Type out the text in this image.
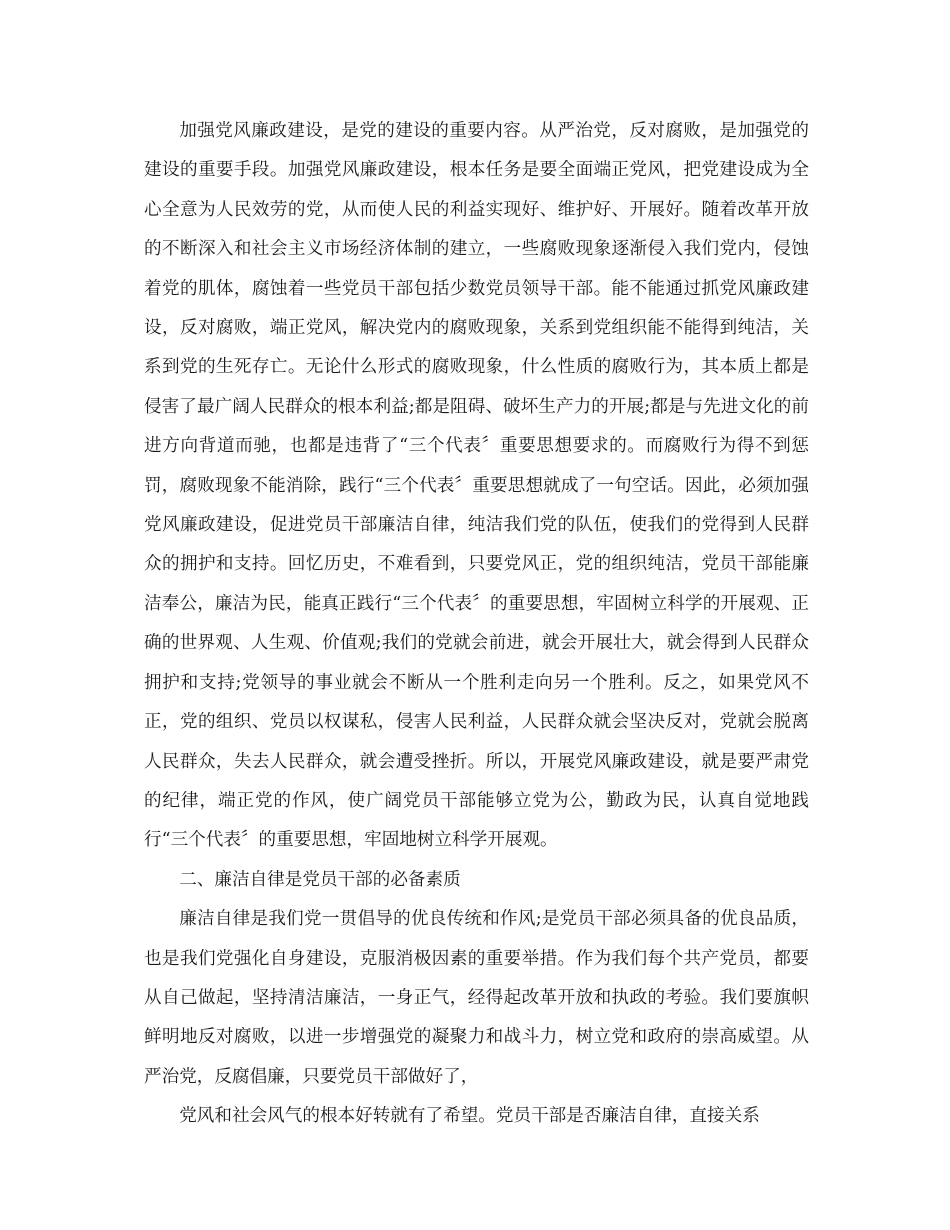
加强党风廉政建设，是党的建设的重要内容。从严治党，反对腐败，是加强党的建设的重要手段。加强党风廉政建设，根本任务是要全面端正党风，把党建设成为全心全意为人民效劳的党，从而使人民的利益实现好、维护好、开展好。随着改革开放的不断深入和社会主义市场经济体制的建立，一些腐败现象逐渐侵入我们党内，侵蚀着党的肌体，腐蚀着一些党员干部包括少数党员领导干部。能不能通过抓党风廉政建设，反对腐败，端正党风，解决党内的腐败现象，关系到党组织能不能得到纯洁，关系到党的生死存亡。无论什么形式的腐败现象，什么性质的腐败行为，其本质上都是侵害了最广阔人民群众的根本利益;都是阻碍、破坏生产力的开展;都是与先进文化的前进方向背道而驰，也都是违背了“三个代表〞重要思想要求的。而腐败行为得不到惩罚，腐败现象不能消除，践行“三个代表〞重要思想就成了一句空话。因此，必须加强党风廉政建设，促进党员干部廉洁自律，纯洁我们党的队伍，使我们的党得到人民群众的拥护和支持。回忆历史，不难看到，只要党风正，党的组织纯洁，党员干部能廉洁奉公，廉洁为民，能真正践行“三个代表〞的重要思想，牢固树立科学的开展观、正确的世界观、人生观、价值观;我们的党就会前进，就会开展壮大，就会得到人民群众拥护和支持;党领导的事业就会不断从一个胜利走向另一个胜利。反之，如果党风不正，党的组织、党员以权谋私，侵害人民利益，人民群众就会坚决反对，党就会脱离人民群众，失去人民群众，就会遭受挫折。所以，开展党风廉政建设，就是要严肃党的纪律，端正党的作风，使广阔党员干部能够立党为公，勤政为民，认真自觉地践行“三个代表〞的重要思想，牢固地树立科学开展观。

二、廉洁自律是党员干部的必备素质

廉洁自律是我们党一贯倡导的优良传统和作风;是党员干部必须具备的优良品质，也是我们党强化自身建设，克服消极因素的重要举措。作为我们每个共产党员，都要从自己做起，坚持清洁廉洁，一身正气，经得起改革开放和执政的考验。我们要旗帜鲜明地反对腐败，以进一步增强党的凝聚力和战斗力，树立党和政府的崇高威望。从严治党，反腐倡廉，只要党员干部做好了，

党风和社会风气的根本好转就有了希望。党员干部是否廉洁自律，直接关系
